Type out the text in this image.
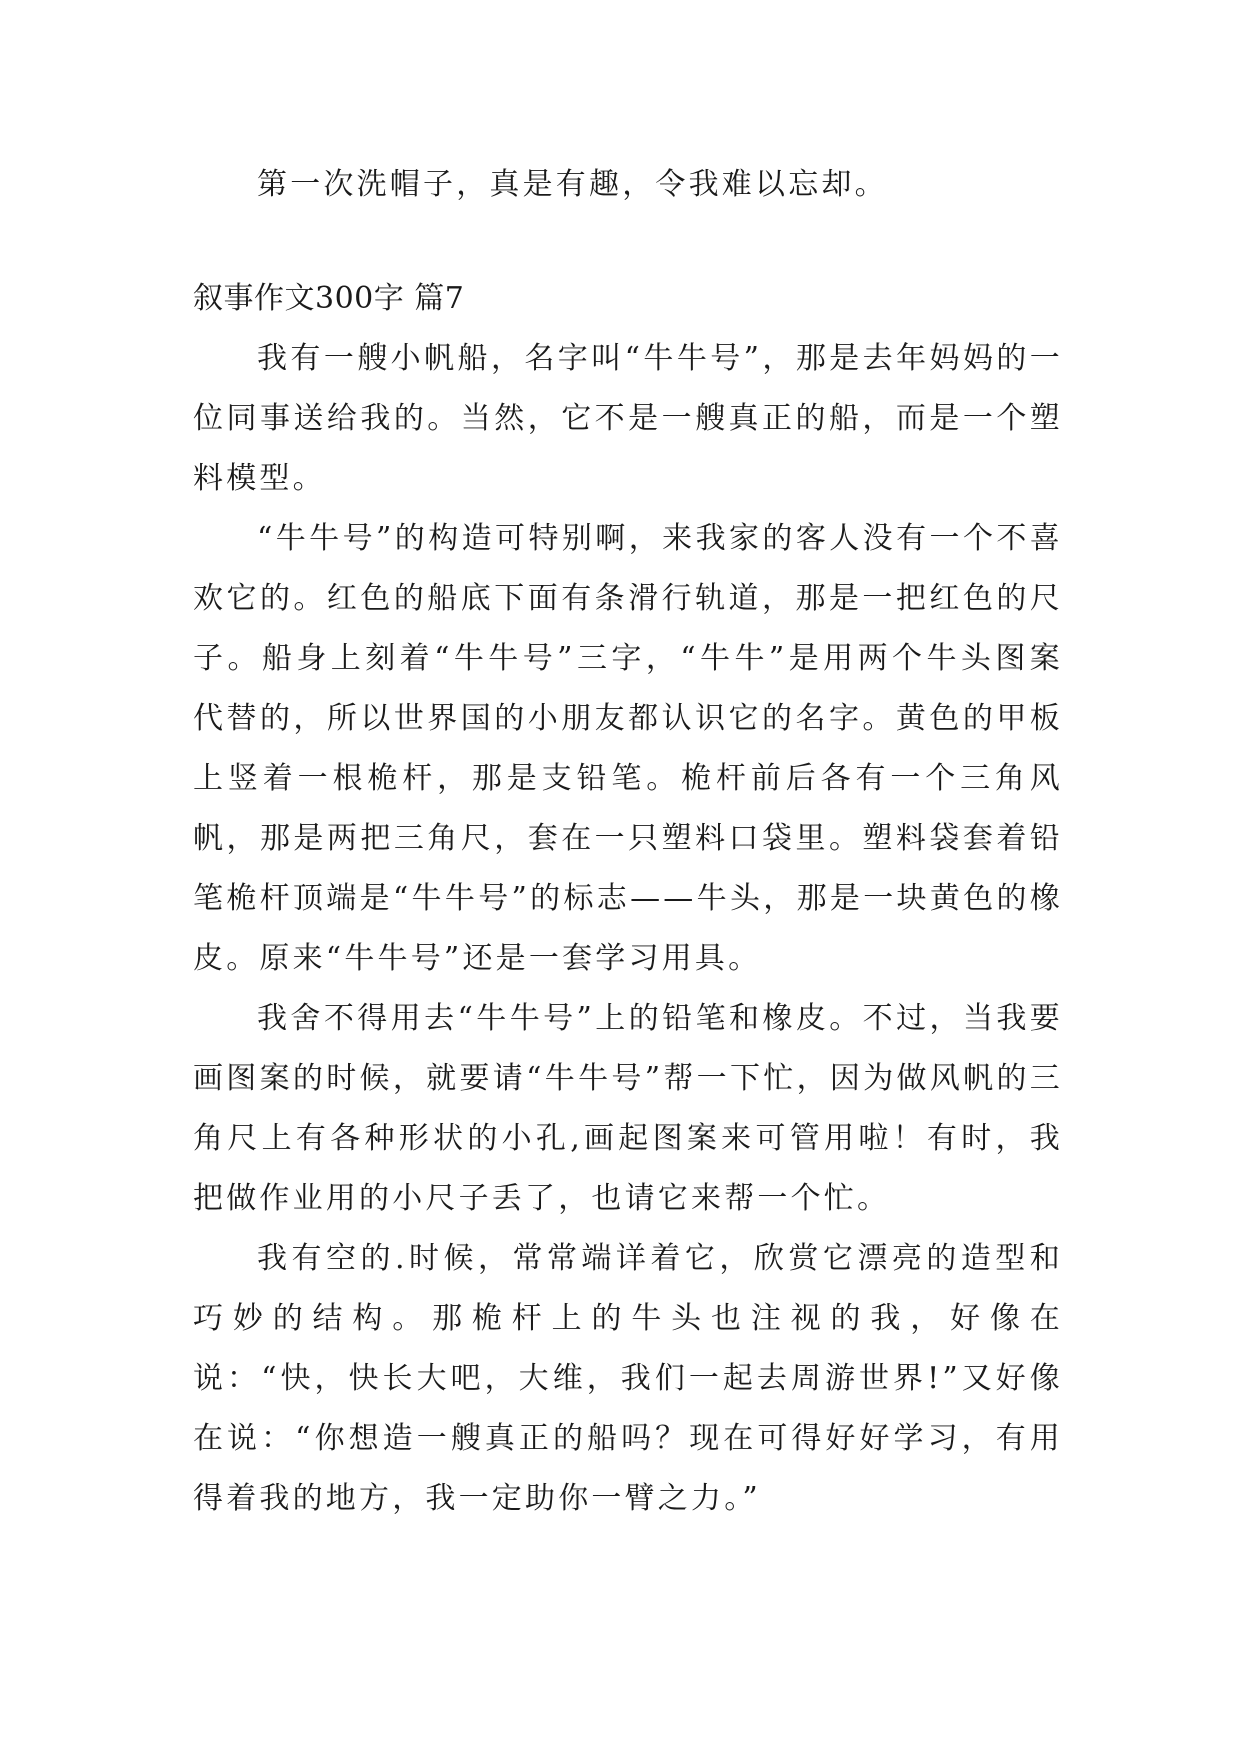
第一次洗帽子，真是有趣，令我难以忘却。

叙事作文300字 篇7

我有一艘小帆船，名字叫“牛牛号”，那是去年妈妈的一位同事送给我的。当然，它不是一艘真正的船，而是一个塑料模型。

“牛牛号”的构造可特别啊，来我家的客人没有一个不喜欢它的。红色的船底下面有条滑行轨道，那是一把红色的尺子。船身上刻着“牛牛号”三字，“牛牛”是用两个牛头图案代替的，所以世界国的小朋友都认识它的名字。黄色的甲板上竖着一根桅杆，那是支铅笔。桅杆前后各有一个三角风帆，那是两把三角尺，套在一只塑料口袋里。塑料袋套着铅笔桅杆顶端是“牛牛号”的标志——牛头，那是一块黄色的橡皮。原来“牛牛号”还是一套学习用具。

我舍不得用去“牛牛号”上的铅笔和橡皮。不过，当我要画图案的时候，就要请“牛牛号”帮一下忙，因为做风帆的三角尺上有各种形状的小孔,画起图案来可管用啦！有时，我把做作业用的小尺子丢了，也请它来帮一个忙。

我有空的.时候，常常端详着它，欣赏它漂亮的造型和巧妙的结构。那桅杆上的牛头也注视的我，好像在说：“快，快长大吧，大维，我们一起去周游世界!”又好像在说：“你想造一艘真正的船吗？现在可得好好学习，有用得着我的地方，我一定助你一臂之力。”
